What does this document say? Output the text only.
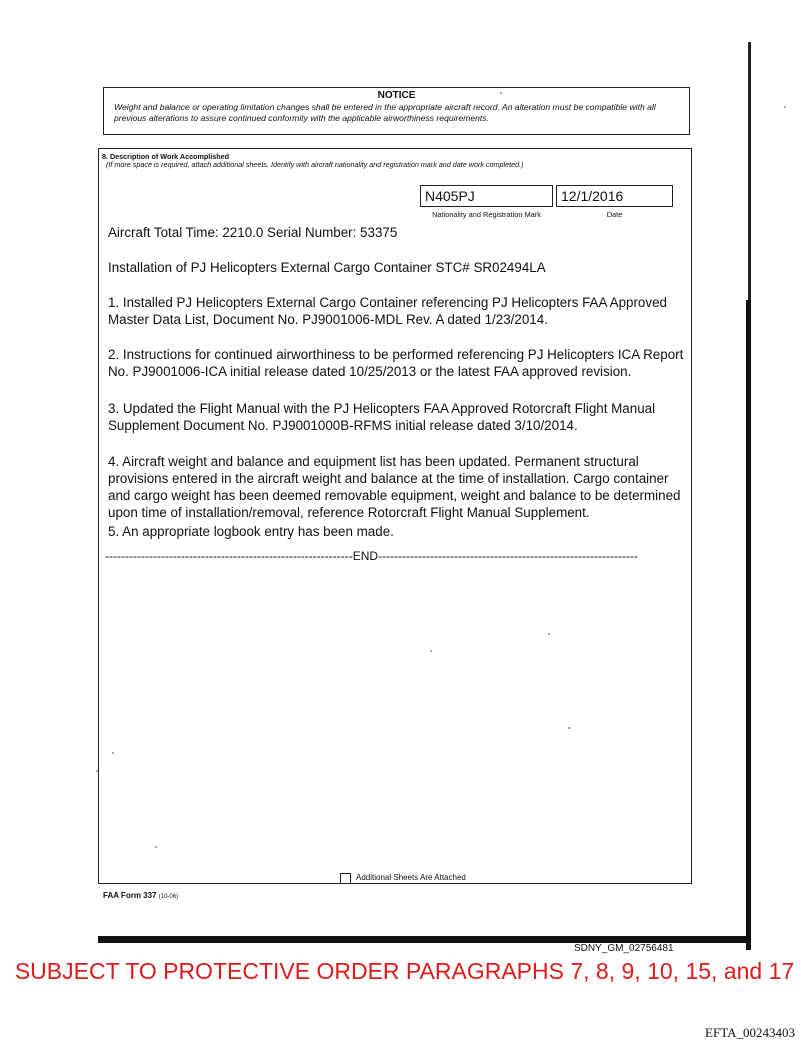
NOTICE
Weight and balance or operating limitation changes shall be entered in the appropriate aircraft record. An alteration must be compatible with all previous alterations to assure continued conformity with the applicable airworthiness requirements.
8. Description of Work Accomplished
(If more space is required, attach additional sheets. Identify with aircraft nationality and registration mark and date work completed.)
N405PJ	12/1/2016
Nationality and Registration Mark	Date
Aircraft Total Time: 2210.0 Serial Number: 53375
Installation of PJ Helicopters External Cargo Container STC# SR02494LA
1. Installed PJ Helicopters External Cargo Container referencing PJ Helicopters FAA Approved Master Data List, Document No. PJ9001006-MDL Rev. A dated 1/23/2014.
2. Instructions for continued airworthiness to be performed referencing PJ Helicopters ICA Report No. PJ9001006-ICA initial release dated 10/25/2013 or the latest FAA approved revision.
3. Updated the Flight Manual with the PJ Helicopters FAA Approved Rotorcraft Flight Manual Supplement Document No. PJ9001000B-RFMS initial release dated 3/10/2014.
4. Aircraft weight and balance and equipment list has been updated. Permanent structural provisions entered in the aircraft weight and balance at the time of installation. Cargo container and cargo weight has been deemed removable equipment, weight and balance to be determined upon time of installation/removal, reference Rotorcraft Flight Manual Supplement.
5. An appropriate logbook entry has been made.
--------------------------------------------------------------END-----------------------------------------------------------------
Additional Sheets Are Attached
FAA Form 337 (10-06)
SDNY_GM_02756481
SUBJECT TO PROTECTIVE ORDER PARAGRAPHS 7, 8, 9, 10, 15, and 17
EFTA_00243403
